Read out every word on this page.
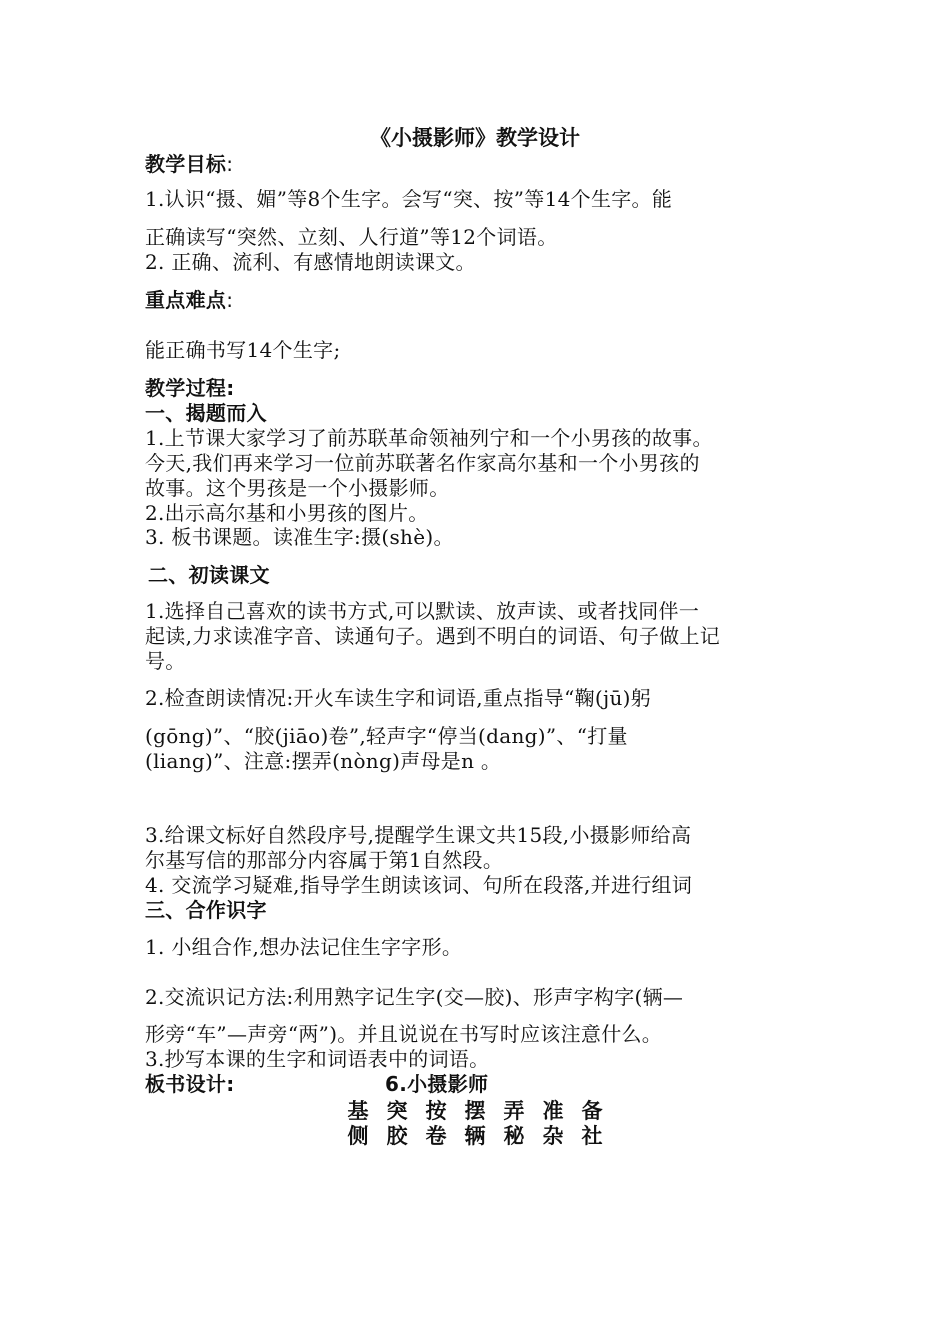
《小摄影师》教学设计
教学目标:
1.认识“摄、媚”等8个生字。会写“突、按”等14个生字。能
正确读写“突然、立刻、人行道”等12个词语。
2. 正确、流利、有感情地朗读课文。
重点难点:
能正确书写14个生字;
教学过程:
一、揭题而入
1.上节课大家学习了前苏联革命领袖列宁和一个小男孩的故事。
今天,我们再来学习一位前苏联著名作家高尔基和一个小男孩的
故事。这个男孩是一个小摄影师。
2.出示高尔基和小男孩的图片。
3. 板书课题。读准生字:摄(shè)。
二、初读课文
1.选择自己喜欢的读书方式,可以默读、放声读、或者找同伴一
起读,力求读准字音、读通句子。遇到不明白的词语、句子做上记
号。
2.检查朗读情况:开火车读生字和词语,重点指导“鞠(jū)躬
(gōng)”、“胶(jiāo)卷”,轻声字“停当(dang)”、“打量
(liang)”、注意:摆弄(nòng)声母是n 。
3.给课文标好自然段序号,提醒学生课文共15段,小摄影师给高
尔基写信的那部分内容属于第1自然段。
4. 交流学习疑难,指导学生朗读该词、句所在段落,并进行组词
三、合作识字
1. 小组合作,想办法记住生字字形。
2.交流识记方法:利用熟字记生字(交—胶)、形声字构字(辆—
形旁“车”—声旁“两”)。并且说说在书写时应该注意什么。
3.抄写本课的生字和词语表中的词语。
板书设计:	6.小摄影师
基 突 按 摆 弄 准 备
侧 胶 卷 辆 秘 杂 社
